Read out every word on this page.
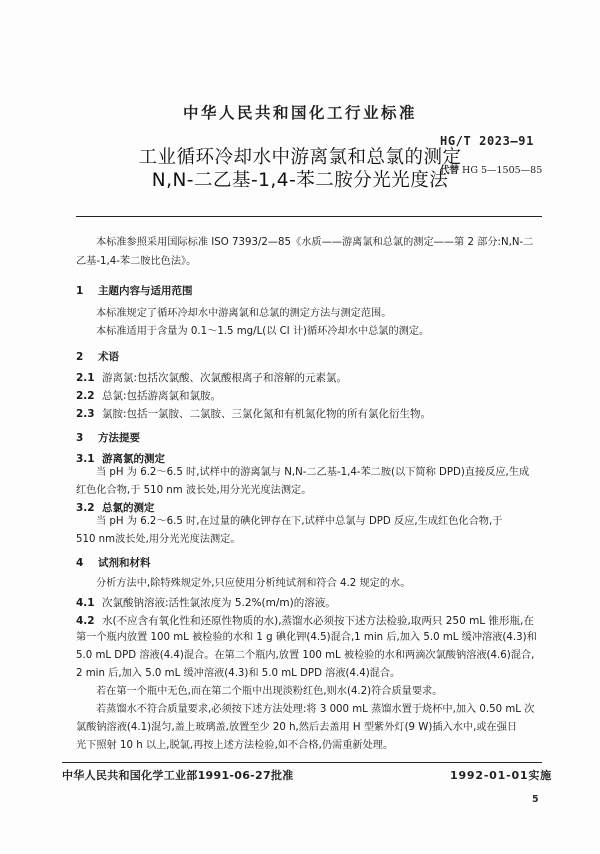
中华人民共和国化工行业标准
HG/T 2023—91
工业循环冷却水中游离氯和总氯的测定
N,N-二乙基-1,4-苯二胺分光光度法
代替 HG 5—1505—85
本标准参照采用国际标准 ISO 7393/2—85《水质——游离氯和总氯的测定——第 2 部分:N,N-二
乙基-1,4-苯二胺比色法》。
1 主题内容与适用范围
本标准规定了循环冷却水中游离氯和总氯的测定方法与测定范围。
本标准适用于含量为 0.1～1.5 mg/L(以 Cl 计)循环冷却水中总氯的测定。
2 术语
2.1 游离氯:包括次氯酸、次氯酸根离子和溶解的元素氯。
2.2 总氯:包括游离氯和氯胺。
2.3 氯胺:包括一氯胺、二氯胺、三氯化氮和有机氮化物的所有氯化衍生物。
3 方法提要
3.1 游离氯的测定
当 pH 为 6.2～6.5 时,试样中的游离氯与 N,N-二乙基-1,4-苯二胺(以下简称 DPD)直接反应,生成
红色化合物,于 510 nm 波长处,用分光光度法测定。
3.2 总氯的测定
当 pH 为 6.2～6.5 时,在过量的碘化钾存在下,试样中总氯与 DPD 反应,生成红色化合物,于
510 nm波长处,用分光光度法测定。
4 试剂和材料
分析方法中,除特殊规定外,只应使用分析纯试剂和符合 4.2 规定的水。
4.1 次氯酸钠溶液:活性氯浓度为 5.2%(m/m)的溶液。
4.2 水(不应含有氧化性和还原性物质的水),蒸馏水必须按下述方法检验,取两只 250 mL 锥形瓶,在
第一个瓶内放置 100 mL 被检验的水和 1 g 碘化钾(4.5)混合,1 min 后,加入 5.0 mL 缓冲溶液(4.3)和
5.0 mL DPD 溶液(4.4)混合。在第二个瓶内,放置 100 mL 被检验的水和两滴次氯酸钠溶液(4.6)混合,
2 min 后,加入 5.0 mL 缓冲溶液(4.3)和 5.0 mL DPD 溶液(4.4)混合。
若在第一个瓶中无色,而在第二个瓶中出现淡粉红色,则水(4.2)符合质量要求。
若蒸馏水不符合质量要求,必须按下述方法处理:将 3 000 mL 蒸馏水置于烧杯中,加入 0.50 mL 次
氯酸钠溶液(4.1)混匀,盖上玻璃盖,放置至少 20 h,然后去盖用 H 型紫外灯(9 W)插入水中,或在强日
光下照射 10 h 以上,脱氯,再按上述方法检验,如不合格,仍需重新处理。
中华人民共和国化学工业部1991-06-27批准	1992-01-01实施
5
